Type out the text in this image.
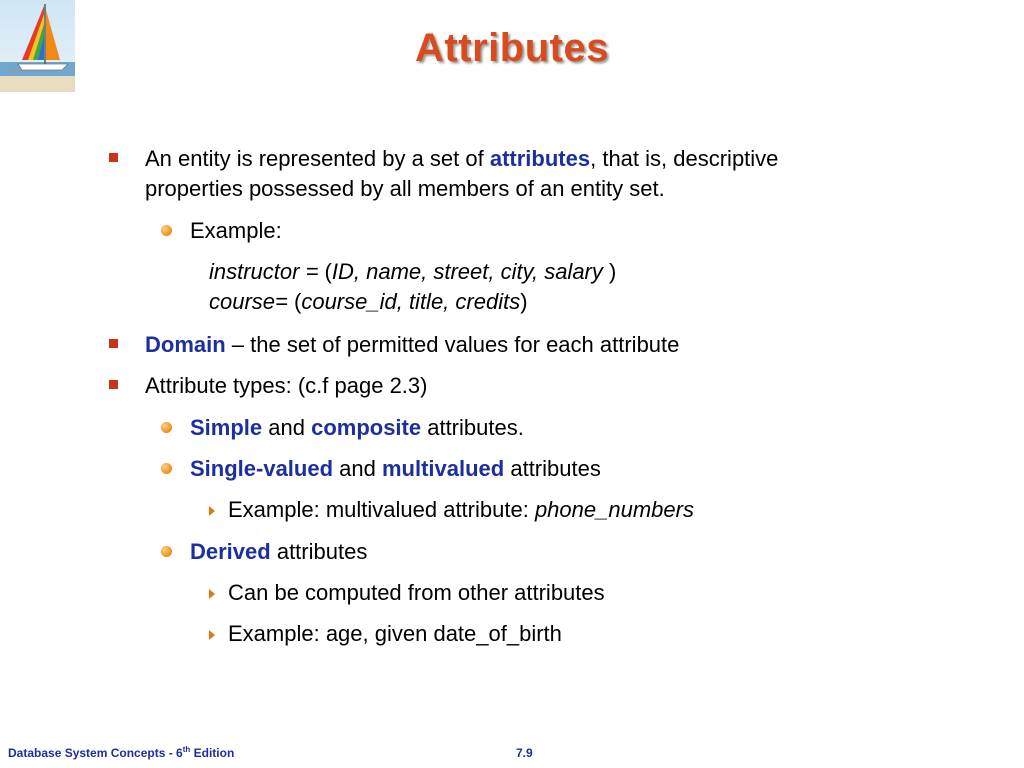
Attributes
An entity is represented by a set of attributes, that is, descriptive
properties possessed by all members of an entity set.
Example:
instructor = (ID, name, street, city, salary )
course= (course_id, title, credits)
Domain – the set of permitted values for each attribute
Attribute types: (c.f page 2.3)
Simple and composite attributes.
Single-valued and multivalued attributes
Example: multivalued attribute: phone_numbers
Derived attributes
Can be computed from other attributes
Example: age, given date_of_birth
Database System Concepts - 6th Edition	7.9
